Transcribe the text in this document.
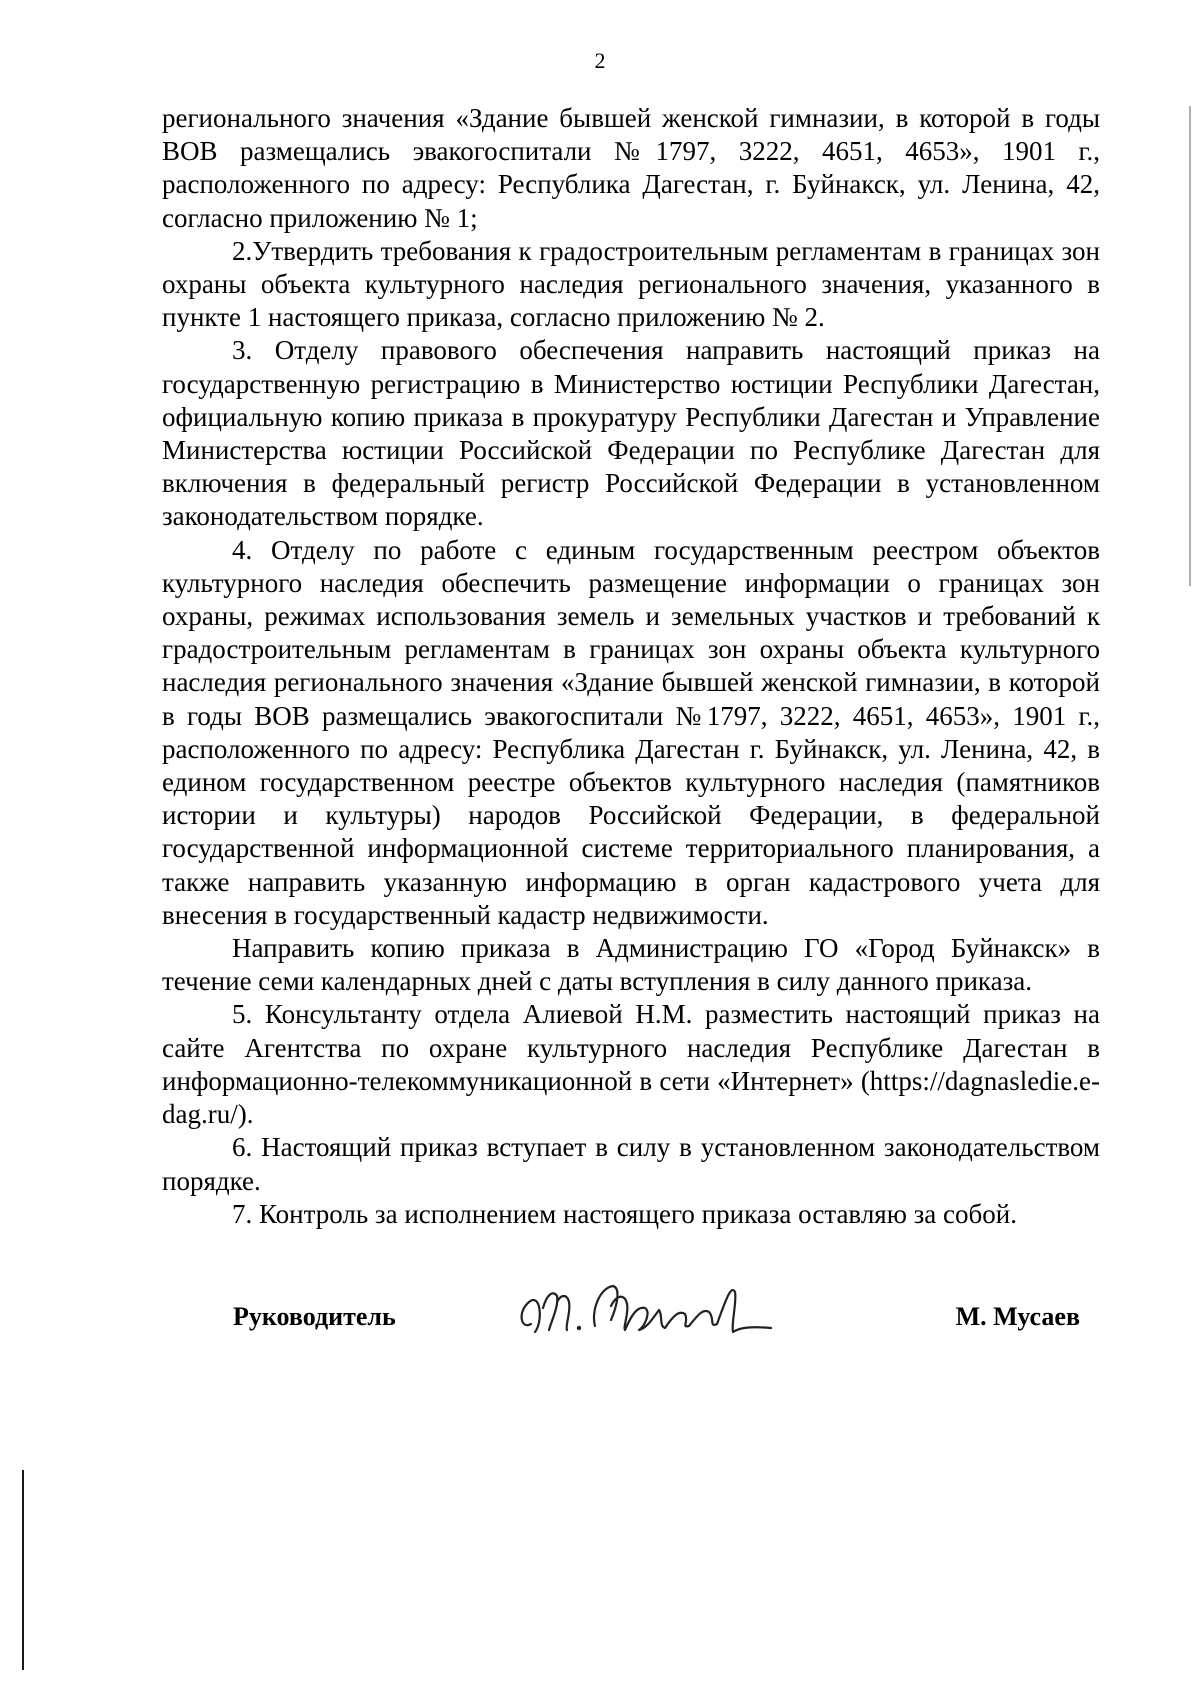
2

регионального значения «Здание бывшей женской гимназии, в которой в годы ВОВ размещались эвакогоспитали №1797, 3222, 4651, 4653», 1901 г., расположенного по адресу: Республика Дагестан, г. Буйнакск, ул. Ленина, 42, согласно приложению № 1;

2.Утвердить требования к градостроительным регламентам в границах зон охраны объекта культурного наследия регионального значения, указанного в пункте 1 настоящего приказа, согласно приложению № 2.

3. Отделу правового обеспечения направить настоящий приказ на государственную регистрацию в Министерство юстиции Республики Дагестан, официальную копию приказа в прокуратуру Республики Дагестан и Управление Министерства юстиции Российской Федерации по Республике Дагестан для включения в федеральный регистр Российской Федерации в установленном законодательством порядке.

4. Отделу по работе с единым государственным реестром объектов культурного наследия обеспечить размещение информации о границах зон охраны, режимах использования земель и земельных участков и требований к градостроительным регламентам в границах зон охраны объекта культурного наследия регионального значения «Здание бывшей женской гимназии, в которой в годы ВОВ размещались эвакогоспитали №1797, 3222, 4651, 4653», 1901 г., расположенного по адресу: Республика Дагестан г. Буйнакск, ул. Ленина, 42, в едином государственном реестре объектов культурного наследия (памятников истории и культуры) народов Российской Федерации, в федеральной государственной информационной системе территориального планирования, а также направить указанную информацию в орган кадастрового учета для внесения в государственный кадастр недвижимости.

Направить копию приказа в Администрацию ГО «Город Буйнакск» в течение семи календарных дней с даты вступления в силу данного приказа.

5. Консультанту отдела Алиевой Н.М. разместить настоящий приказ на сайте Агентства по охране культурного наследия Республике Дагестан в информационно-телекоммуникационной в сети «Интернет» (https://dagnasledie.e-dag.ru/).

6. Настоящий приказ вступает в силу в установленном законодательством порядке.

7. Контроль за исполнением настоящего приказа оставляю за собой.

Руководитель	М. Мусаев
